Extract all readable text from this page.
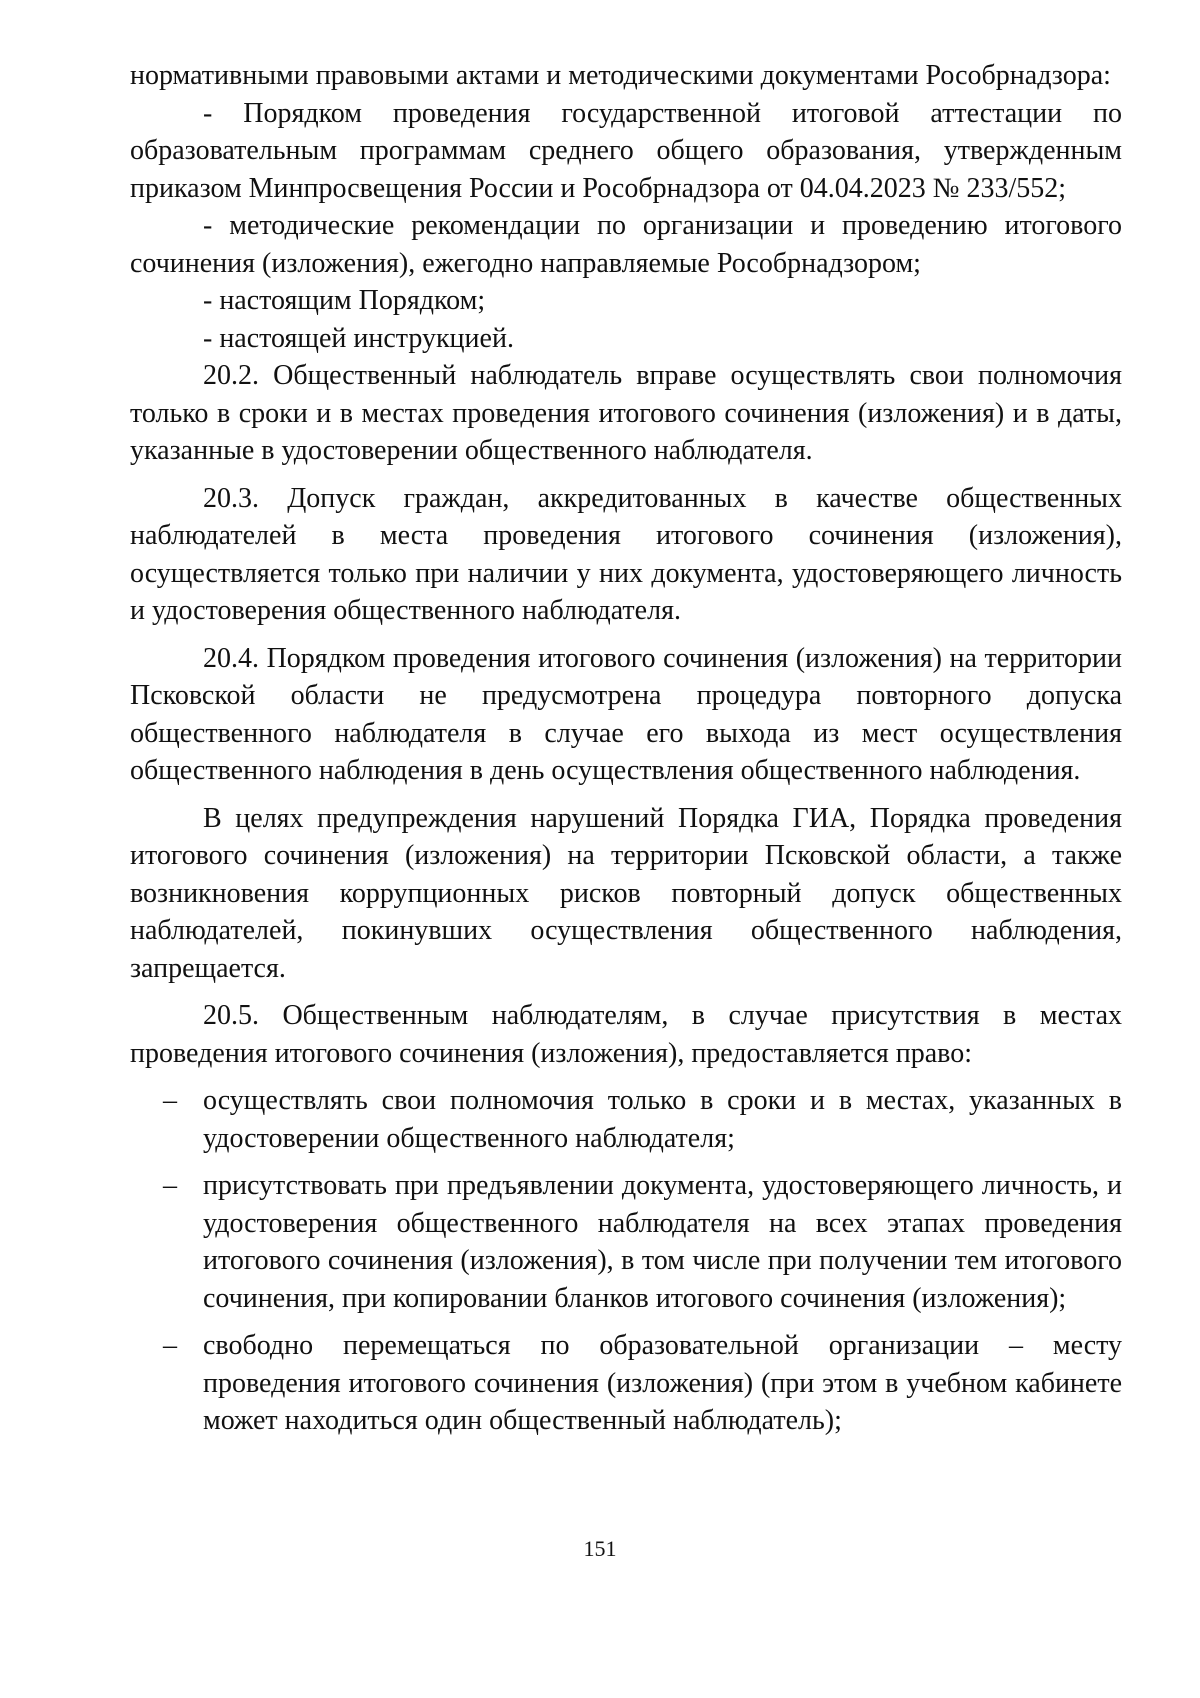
нормативными правовыми актами и методическими документами Рособрнадзора:

- Порядком проведения государственной итоговой аттестации по образовательным программам среднего общего образования, утвержденным приказом Минпросвещения России и Рособрнадзора от 04.04.2023 № 233/552;

- методические рекомендации по организации и проведению итогового сочинения (изложения), ежегодно направляемые Рособрнадзором;

- настоящим Порядком;

- настоящей инструкцией.

20.2. Общественный наблюдатель вправе осуществлять свои полномочия только в сроки и в местах проведения итогового сочинения (изложения) и в даты, указанные в удостоверении общественного наблюдателя.

20.3. Допуск граждан, аккредитованных в качестве общественных наблюдателей в места проведения итогового сочинения (изложения), осуществляется только при наличии у них документа, удостоверяющего личность и удостоверения общественного наблюдателя.

20.4. Порядком проведения итогового сочинения (изложения) на территории Псковской области не предусмотрена процедура повторного допуска общественного наблюдателя в случае его выхода из мест осуществления общественного наблюдения в день осуществления общественного наблюдения.

В целях предупреждения нарушений Порядка ГИА, Порядка проведения итогового сочинения (изложения) на территории Псковской области, а также возникновения коррупционных рисков повторный допуск общественных наблюдателей, покинувших осуществления общественного наблюдения, запрещается.

20.5. Общественным наблюдателям, в случае присутствия в местах проведения итогового сочинения (изложения), предоставляется право:

– осуществлять свои полномочия только в сроки и в местах, указанных в удостоверении общественного наблюдателя;

– присутствовать при предъявлении документа, удостоверяющего личность, и удостоверения общественного наблюдателя на всех этапах проведения итогового сочинения (изложения), в том числе при получении тем итогового сочинения, при копировании бланков итогового сочинения (изложения);

– свободно перемещаться по образовательной организации – месту проведения итогового сочинения (изложения) (при этом в учебном кабинете может находиться один общественный наблюдатель);

151
